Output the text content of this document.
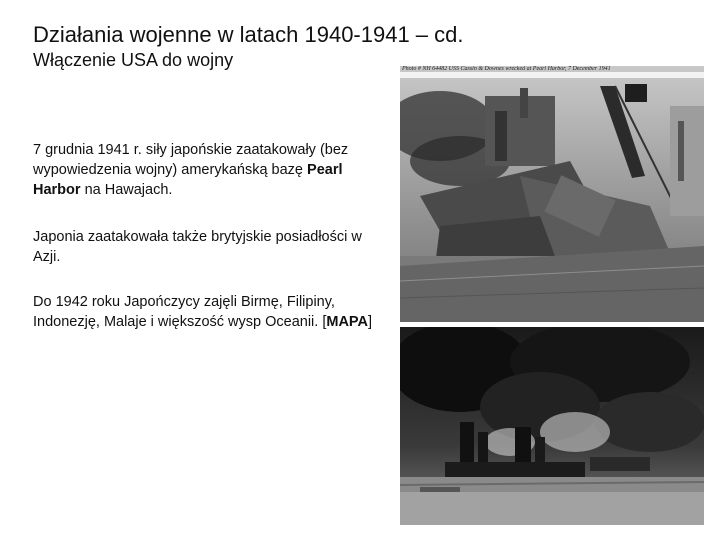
Działania wojenne w latach 1940-1941 – cd.
Włączenie USA do wojny
7 grudnia 1941 r. siły japońskie zaatakowały (bez wypowiedzenia wojny) amerykańską bazę Pearl Harbor na Hawajach.
Japonia zaatakowała także brytyjskie posiadłości w Azji.
Do 1942 roku Japończycy zajęli Birmę, Filipiny, Indonezję, Malaje i większość wysp Oceanii. [MAPA]
Photo # NH 64482 USS Cassin & Downes wrecked at Pearl Harbor, 7 December 1941
